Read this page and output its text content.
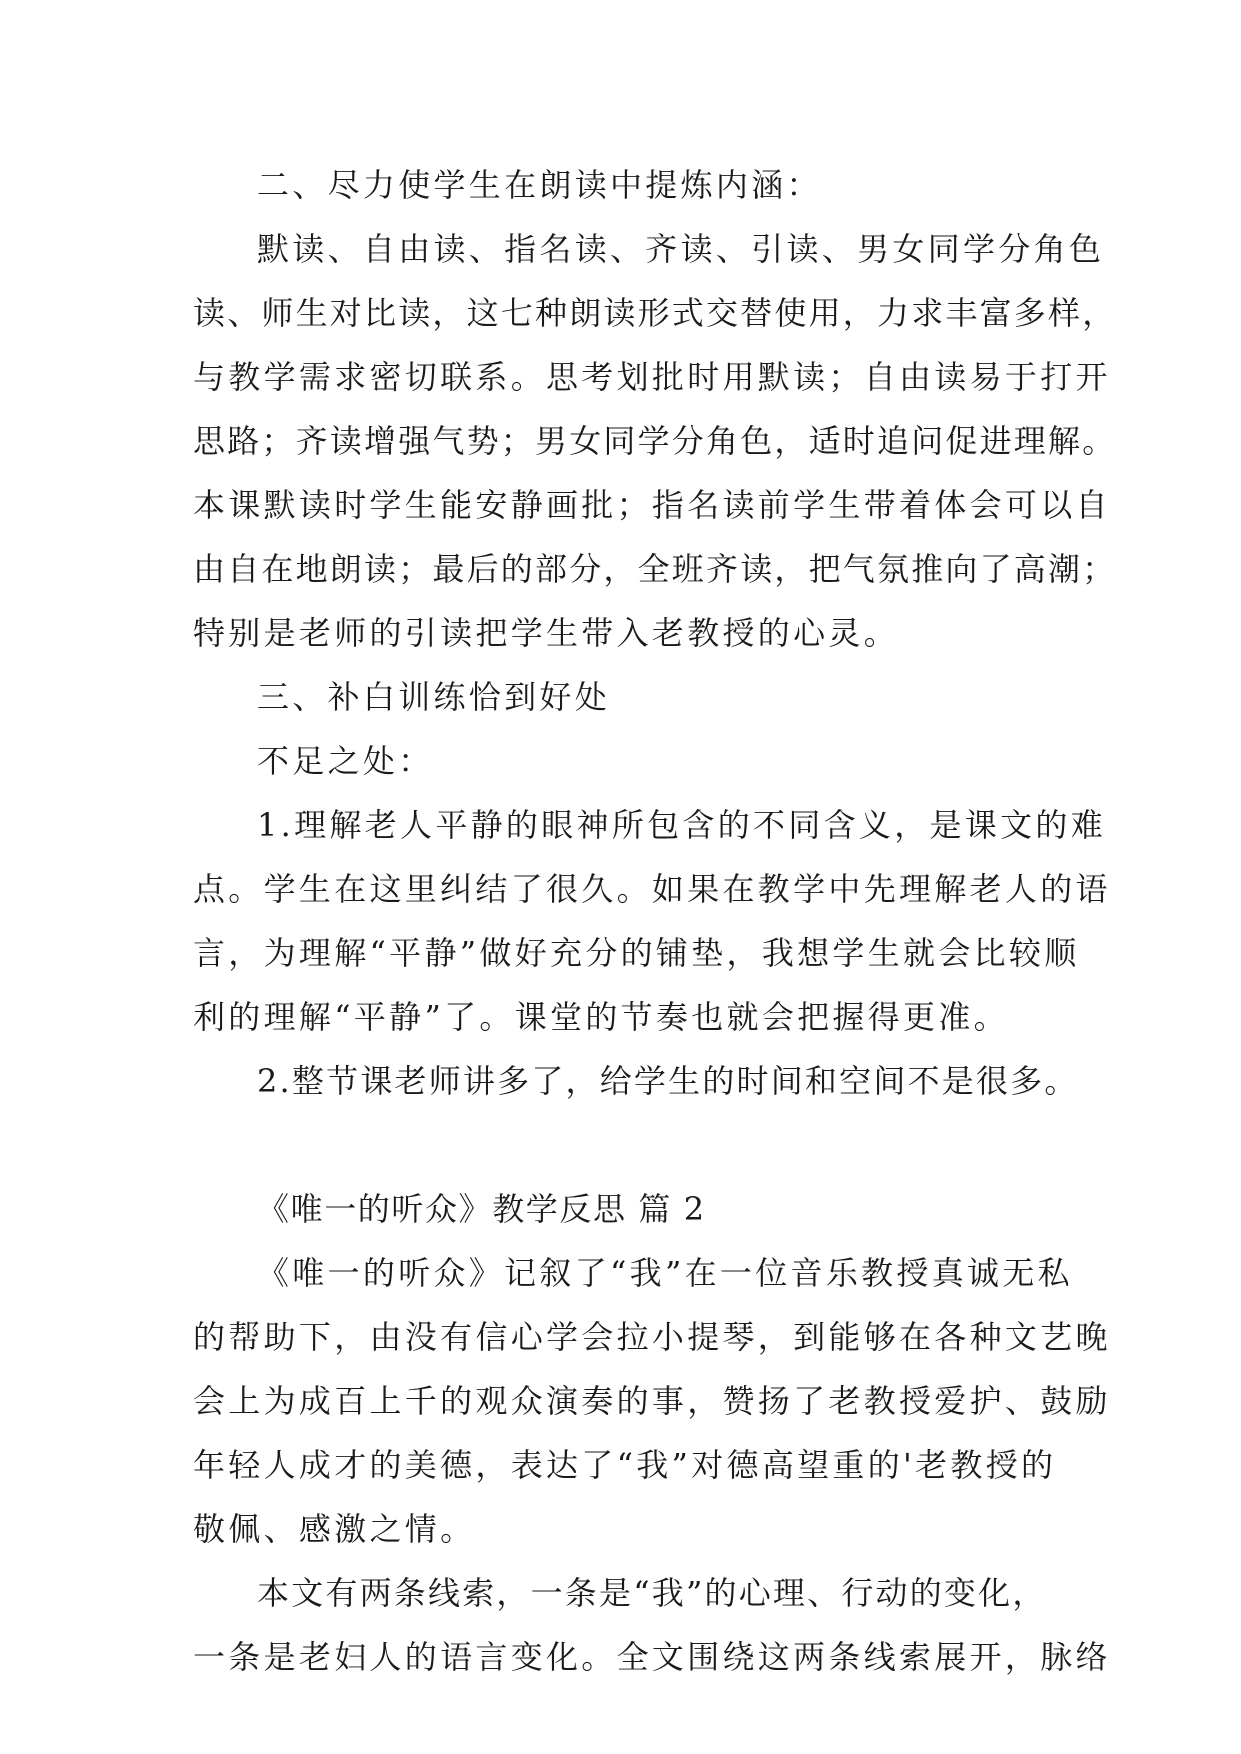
二、尽力使学生在朗读中提炼内涵：
默读、自由读、指名读、齐读、引读、男女同学分角色
读、师生对比读，这七种朗读形式交替使用，力求丰富多样，
与教学需求密切联系。思考划批时用默读；自由读易于打开
思路；齐读增强气势；男女同学分角色，适时追问促进理解。
本课默读时学生能安静画批；指名读前学生带着体会可以自
由自在地朗读；最后的部分，全班齐读，把气氛推向了高潮；
特别是老师的引读把学生带入老教授的心灵。
三、补白训练恰到好处
不足之处：
1.理解老人平静的眼神所包含的不同含义，是课文的难
点。学生在这里纠结了很久。如果在教学中先理解老人的语
言，为理解“平静”做好充分的铺垫，我想学生就会比较顺
利的理解“平静”了。课堂的节奏也就会把握得更准。
2.整节课老师讲多了，给学生的时间和空间不是很多。
《唯一的听众》教学反思 篇 2
《唯一的听众》记叙了“我”在一位音乐教授真诚无私
的帮助下，由没有信心学会拉小提琴，到能够在各种文艺晚
会上为成百上千的观众演奏的事，赞扬了老教授爱护、鼓励
年轻人成才的美德，表达了“我”对德高望重的'老教授的
敬佩、感激之情。
本文有两条线索，一条是“我”的心理、行动的变化，
一条是老妇人的语言变化。全文围绕这两条线索展开，脉络
